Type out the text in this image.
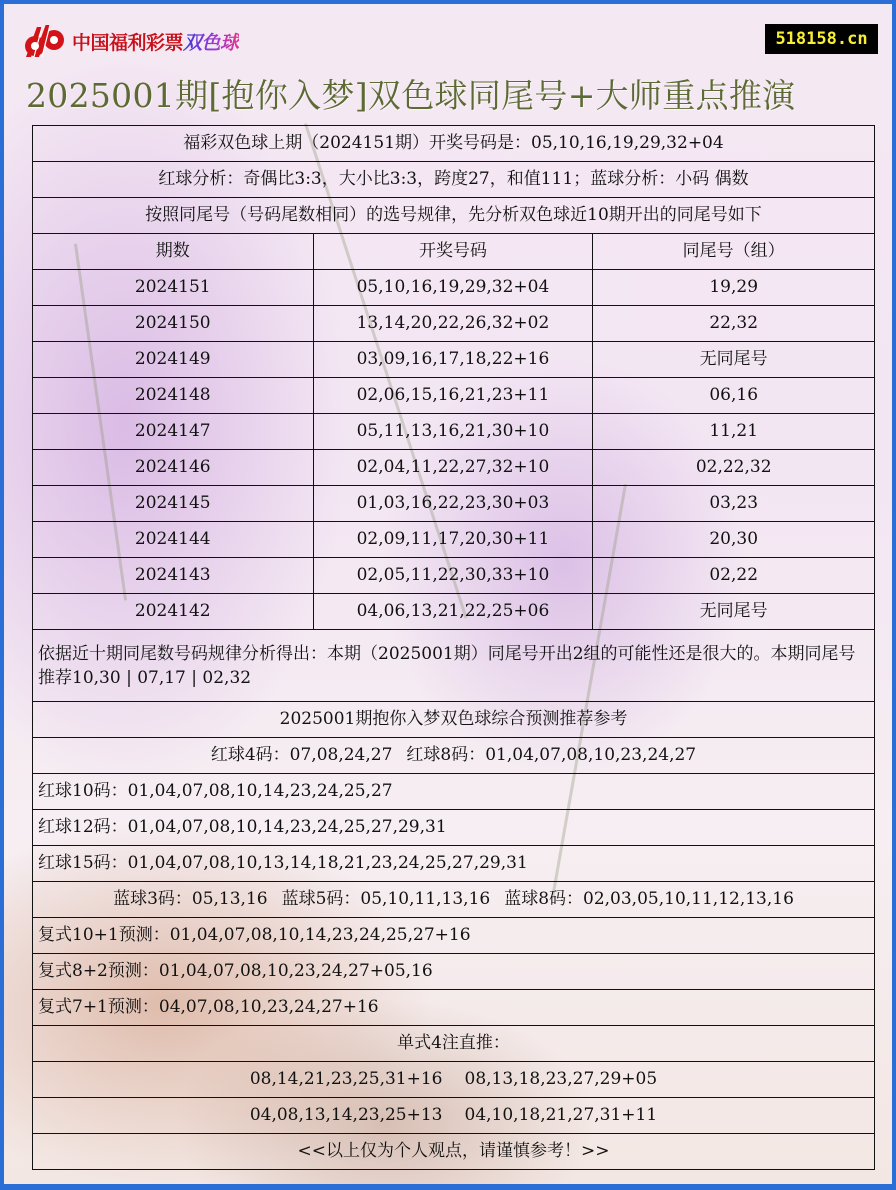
中国福利彩票双色球	518158.cn
2025001期[抱你入梦]双色球同尾号+大师重点推演
福彩双色球上期（2024151期）开奖号码是：05,10,16,19,29,32+04		
红球分析：奇偶比3:3，大小比3:3，跨度27，和值111；蓝球分析：小码 偶数		
按照同尾号（号码尾数相同）的选号规律，先分析双色球近10期开出的同尾号如下		
期数	开奖号码	同尾号（组）
2024151	05,10,16,19,29,32+04	19,29
2024150	13,14,20,22,26,32+02	22,32
2024149	03,09,16,17,18,22+16	无同尾号
2024148	02,06,15,16,21,23+11	06,16
2024147	05,11,13,16,21,30+10	11,21
2024146	02,04,11,22,27,32+10	02,22,32
2024145	01,03,16,22,23,30+03	03,23
2024144	02,09,11,17,20,30+11	20,30
2024143	02,05,11,22,30,33+10	02,22
2024142	04,06,13,21,22,25+06	无同尾号
依据近十期同尾数号码规律分析得出：本期（2025001期）同尾号开出2组的可能性还是很大的。本期同尾号推荐10,30 | 07,17 | 02,32		
2025001期抱你入梦双色球综合预测推荐参考		
红球4码：07,08,24,27 红球8码：01,04,07,08,10,23,24,27		
红球10码：01,04,07,08,10,14,23,24,25,27		
红球12码：01,04,07,08,10,14,23,24,25,27,29,31		
红球15码：01,04,07,08,10,13,14,18,21,23,24,25,27,29,31		
蓝球3码：05,13,16 蓝球5码：05,10,11,13,16 蓝球8码：02,03,05,10,11,12,13,16		
复式10+1预测：01,04,07,08,10,14,23,24,25,27+16		
复式8+2预测：01,04,07,08,10,23,24,27+05,16		
复式7+1预测：04,07,08,10,23,24,27+16		
单式4注直推：		
08,14,21,23,25,31+16 08,13,18,23,27,29+05		
04,08,13,14,23,25+13 04,10,18,21,27,31+11		
<<以上仅为个人观点，请谨慎参考！>>		
